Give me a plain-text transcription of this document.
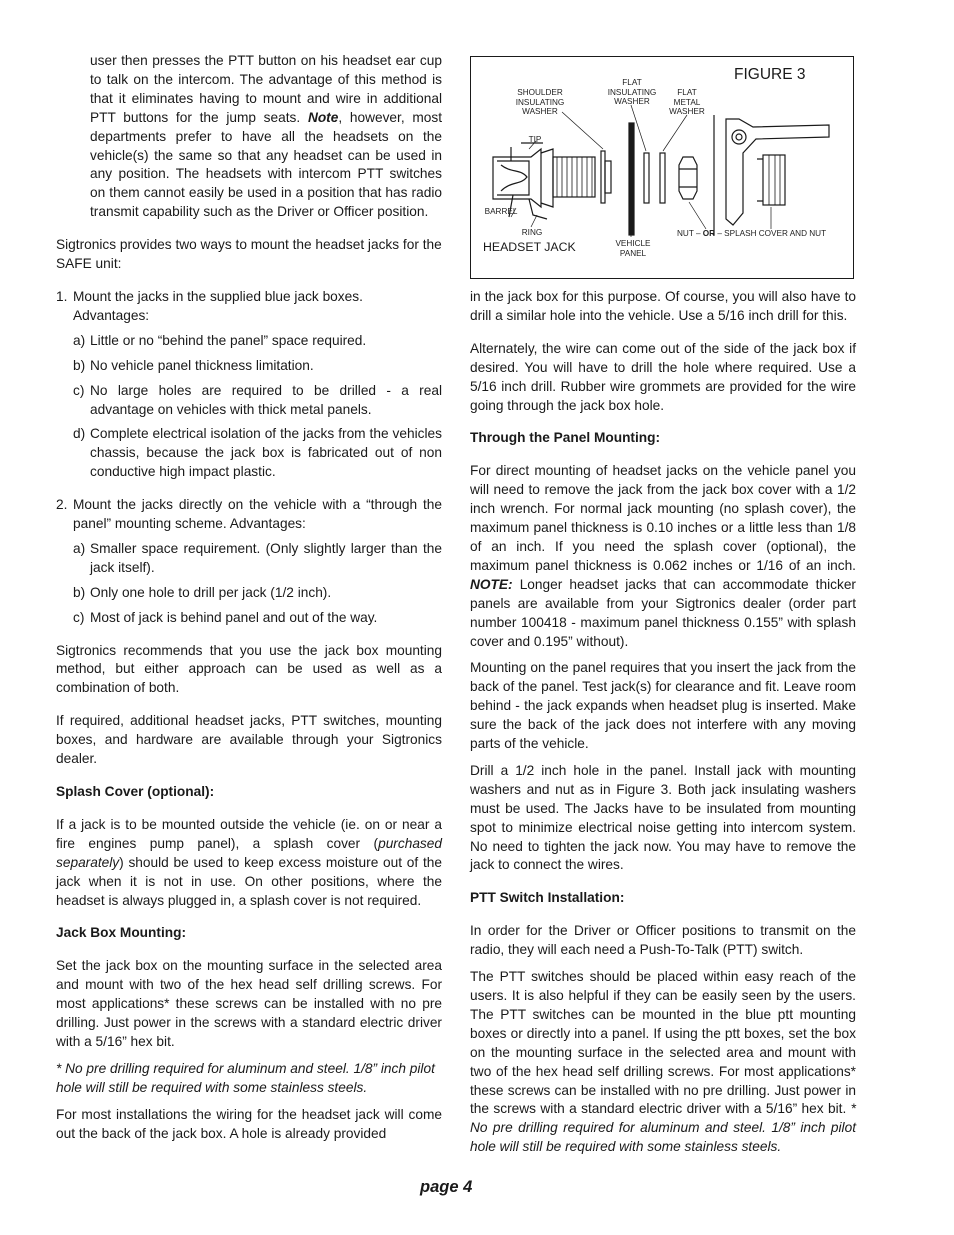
user then presses the PTT button on his headset ear cup to talk on the intercom. The advantage of this method is that it eliminates having to mount and wire in additional PTT buttons for the jump seats. Note, however, most departments prefer to have all the headsets on the vehicle(s) the same so that any headset can be used in any position. The headsets with intercom PTT switches on them cannot easily be used in a position that has radio transmit capability such as the Driver or Officer position.

Sigtronics provides two ways to mount the headset jacks for the SAFE unit:

1. Mount the jacks in the supplied blue jack boxes. Advantages:
a) Little or no “behind the panel” space required.
b) No vehicle panel thickness limitation.
c) No large holes are required to be drilled - a real advantage on vehicles with thick metal panels.
d) Complete electrical isolation of the jacks from the vehicles chassis, because the jack box is fabricated out of non conductive high impact plastic.
2. Mount the jacks directly on the vehicle with a “through the panel” mounting scheme. Advantages:
a) Smaller space requirement. (Only slightly larger than the jack itself).
b) Only one hole to drill per jack (1/2 inch).
c) Most of jack is behind panel and out of the way.

Sigtronics recommends that you use the jack box mounting method, but either approach can be used as well as a combination of both.

If required, additional headset jacks, PTT switches, mounting boxes, and hardware are available through your Sigtronics dealer.

Splash Cover (optional):

If a jack is to be mounted outside the vehicle (ie. on or near a fire engines pump panel), a splash cover (purchased separately) should be used to keep excess moisture out of the jack when it is not in use. On other positions, where the headset is always plugged in, a splash cover is not required.

Jack Box Mounting:

Set the jack box on the mounting surface in the selected area and mount with two of the hex head self drilling screws. For most applications* these screws can be installed with no pre drilling. Just power in the screws with a standard electric driver with a 5/16” hex bit.

* No pre drilling required for aluminum and steel. 1/8” inch pilot hole will still be required with some stainless steels.

For most installations the wiring for the headset jack will come out the back of the jack box. A hole is already provided

FIGURE 3
SHOULDER
INSULATING
WASHER
FLAT
INSULATING
WASHER
FLAT
METAL
WASHER
TIP
BARREL
RING
HEADSET JACK	VEHICLE
PANEL
NUT – OR – SPLASH COVER AND NUT

in the jack box for this purpose. Of course, you will also have to drill a similar hole into the vehicle. Use a 5/16 inch drill for this.

Alternately, the wire can come out of the side of the jack box if desired. You will have to drill the hole where required. Use a 5/16 inch drill. Rubber wire grommets are provided for the wire going through the jack box hole.

Through the Panel Mounting:

For direct mounting of headset jacks on the vehicle panel you will need to remove the jack from the jack box cover with a 1/2 inch wrench. For normal jack mounting (no splash cover), the maximum panel thickness is 0.10 inches or a little less than 1/8 of an inch. If you need the splash cover (optional), the maximum panel thickness is 0.062 inches or 1/16 of an inch. NOTE: Longer headset jacks that can accommodate thicker panels are available from your Sigtronics dealer (order part number 100418 - maximum panel thickness 0.155” with splash cover and 0.195” without).

Mounting on the panel requires that you insert the jack from the back of the panel. Test jack(s) for clearance and fit. Leave room behind - the jack expands when headset plug is inserted. Make sure the back of the jack does not interfere with any moving parts of the vehicle.

Drill a 1/2 inch hole in the panel. Install jack with mounting washers and nut as in Figure 3. Both jack insulating washers must be used. The Jacks have to be insulated from mounting spot to minimize electrical noise getting into intercom system. No need to tighten the jack now. You may have to remove the jack to connect the wires.

PTT Switch Installation:

In order for the Driver or Officer positions to transmit on the radio, they will each need a Push-To-Talk (PTT) switch.

The PTT switches should be placed within easy reach of the users. It is also helpful if they can be easily seen by the users. The PTT switches can be mounted in the blue ptt mounting boxes or directly into a panel. If using the ptt boxes, set the box on the mounting surface in the selected area and mount with two of the hex head self drilling screws. For most applications* these screws can be installed with no pre drilling. Just power in the screws with a standard electric driver with a 5/16” hex bit. * No pre drilling required for aluminum and steel. 1/8” inch pilot hole will still be required with some stainless steels.

page 4
